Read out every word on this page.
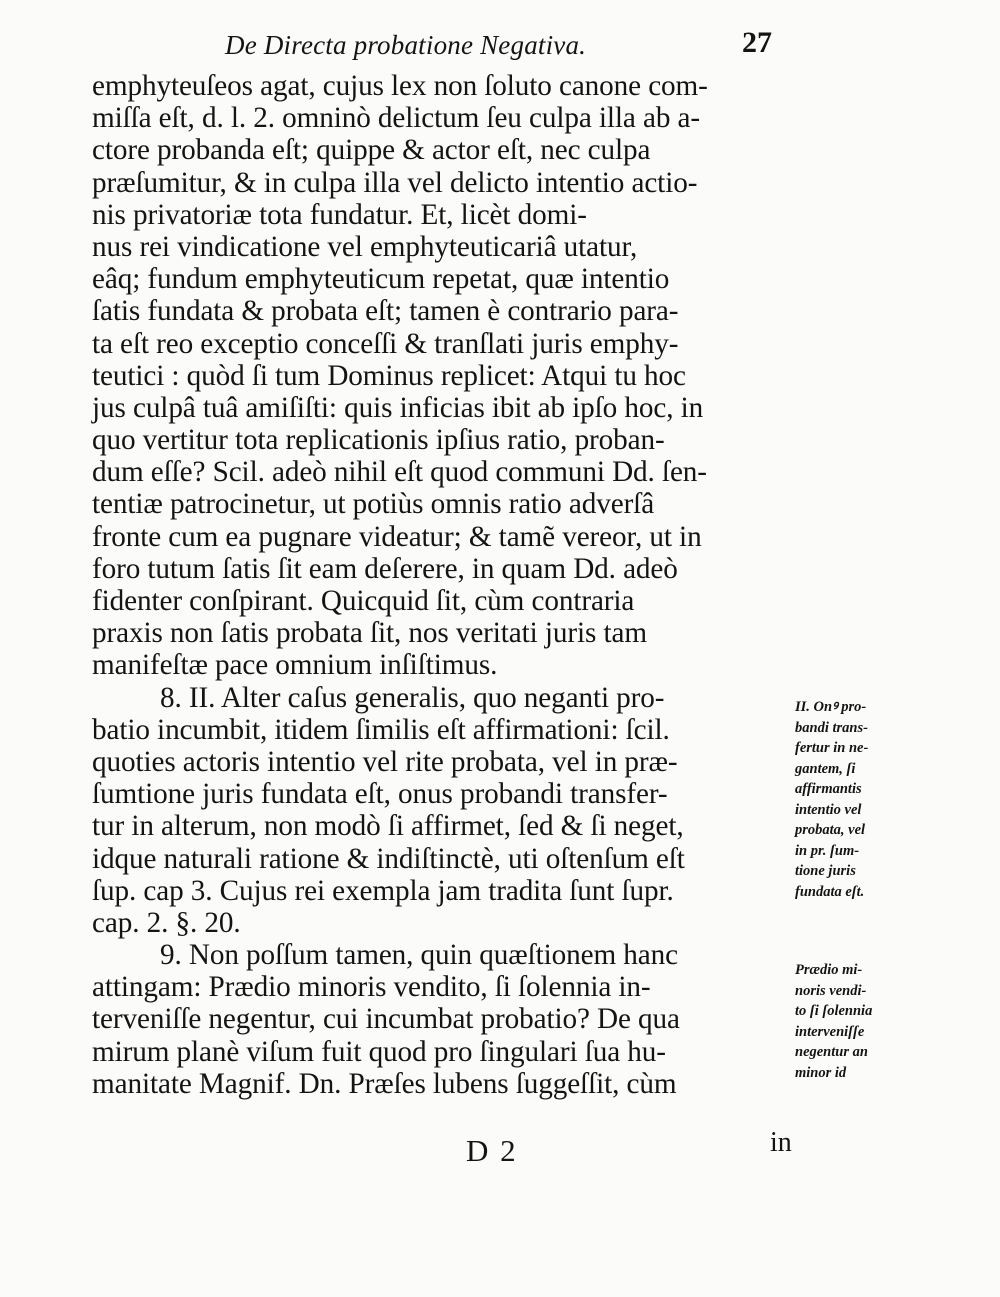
De Directa probatione Negativa.	27
emphyteuſeos agat, cujus lex non ſoluto canone com-
miſſa eſt, d. l. 2. omninò delictum ſeu culpa illa ab a-
ctore probanda eſt; quippe & actor eſt, nec culpa
præſumitur, & in culpa illa vel delicto intentio actio-
nis privatoriæ tota fundatur. Et, licèt domi-
nus rei vindicatione vel emphyteuticariâ utatur,
eâq; fundum emphyteuticum repetat, quæ intentio
ſatis fundata & probata eſt; tamen è contrario para-
ta eſt reo exceptio conceſſi & tranſlati juris emphy-
teutici : quòd ſi tum Dominus replicet: Atqui tu hoc
jus culpâ tuâ amiſiſti: quis inficias ibit ab ipſo hoc, in
quo vertitur tota replicationis ipſius ratio, proban-
dum eſſe? Scil. adeò nihil eſt quod communi Dd. ſen-
tentiæ patrocinetur, ut potiùs omnis ratio adverſâ
fronte cum ea pugnare videatur; & tamẽ vereor, ut in
foro tutum ſatis ſit eam deſerere, in quam Dd. adeò
fidenter conſpirant. Quicquid ſit, cùm contraria
praxis non ſatis probata ſit, nos veritati juris tam
manifeſtæ pace omnium inſiſtimus.
8. II. Alter caſus generalis, quo neganti pro-
batio incumbit, itidem ſimilis eſt affirmationi: ſcil.
quoties actoris intentio vel rite probata, vel in præ-
ſumtione juris fundata eſt, onus probandi transfer-
tur in alterum, non modò ſi affirmet, ſed & ſi neget,
idque naturali ratione & indiſtinctè, uti oſtenſum eſt
ſup. cap 3. Cujus rei exempla jam tradita ſunt ſupr.
cap. 2. §. 20.
9. Non poſſum tamen, quin quæſtionem hanc
attingam: Prædio minoris vendito, ſi ſolennia in-
terveniſſe negentur, cui incumbat probatio? De qua
mirum planè viſum fuit quod pro ſingulari ſua hu-
manitate Magnif. Dn. Præſes lubens ſuggeſſit, cùm
II. Onꝰ pro-
bandi trans-
fertur in ne-
gantem, ſi
affirmantis
intentio vel
probata, vel
in pr. ſum-
tione juris
fundata eſt.
Prædio mi-
noris vendi-
to ſi ſolennia
interveniſſe
negentur an
minor id
D 2	in
